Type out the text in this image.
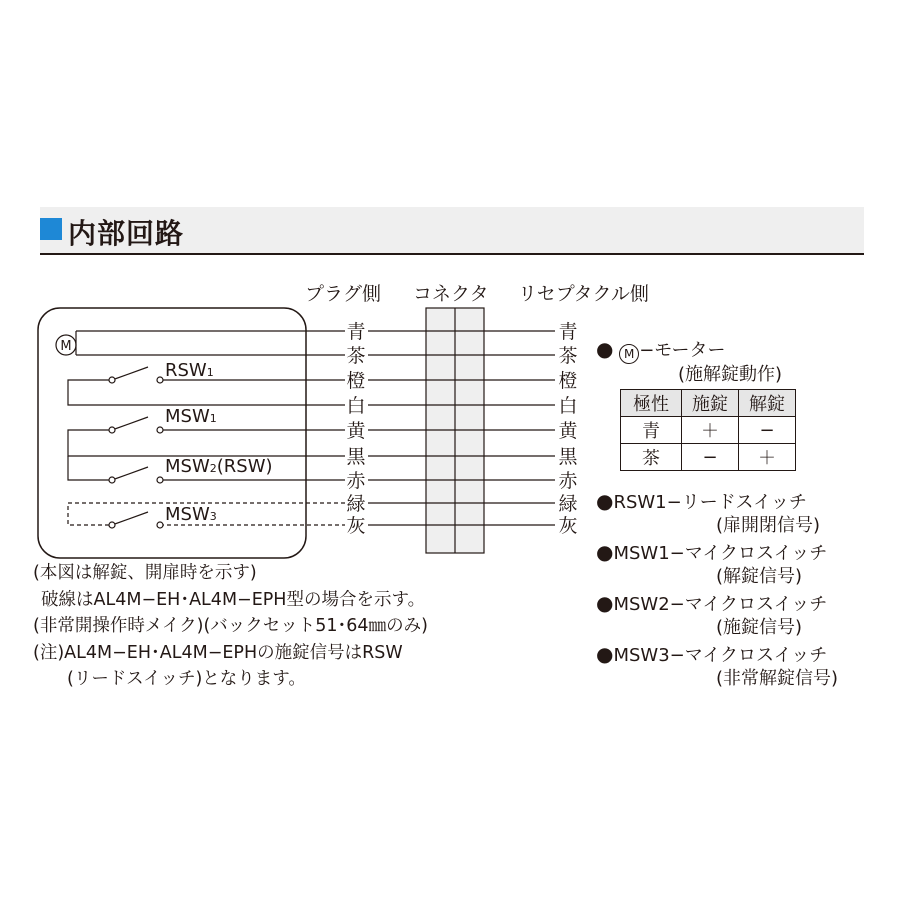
内部回路
プラグ側 コネクタ リセプタクル側
青
茶
橙
白
黄
黒
赤
緑
灰
青
茶
橙
白
黄
黒
赤
緑
灰
M
RSW1
MSW1
MSW2(RSW)
MSW3
(本図は解錠、開扉時を示す)
破線はAL4M−EH･AL4M−EPH型の場合を示す。
(非常開操作時メイク)(バックセット51･64㎜のみ)
(注)AL4M−EH･AL4M−EPHの施錠信号はRSW
(リードスイッチ)となります。
● M −モーター
(施解錠動作)
極性	施錠	解錠
青	＋	−
茶	−	＋
●RSW1−リードスイッチ
(扉開閉信号)
●MSW1−マイクロスイッチ
(解錠信号)
●MSW2−マイクロスイッチ
(施錠信号)
●MSW3−マイクロスイッチ
(非常解錠信号)
